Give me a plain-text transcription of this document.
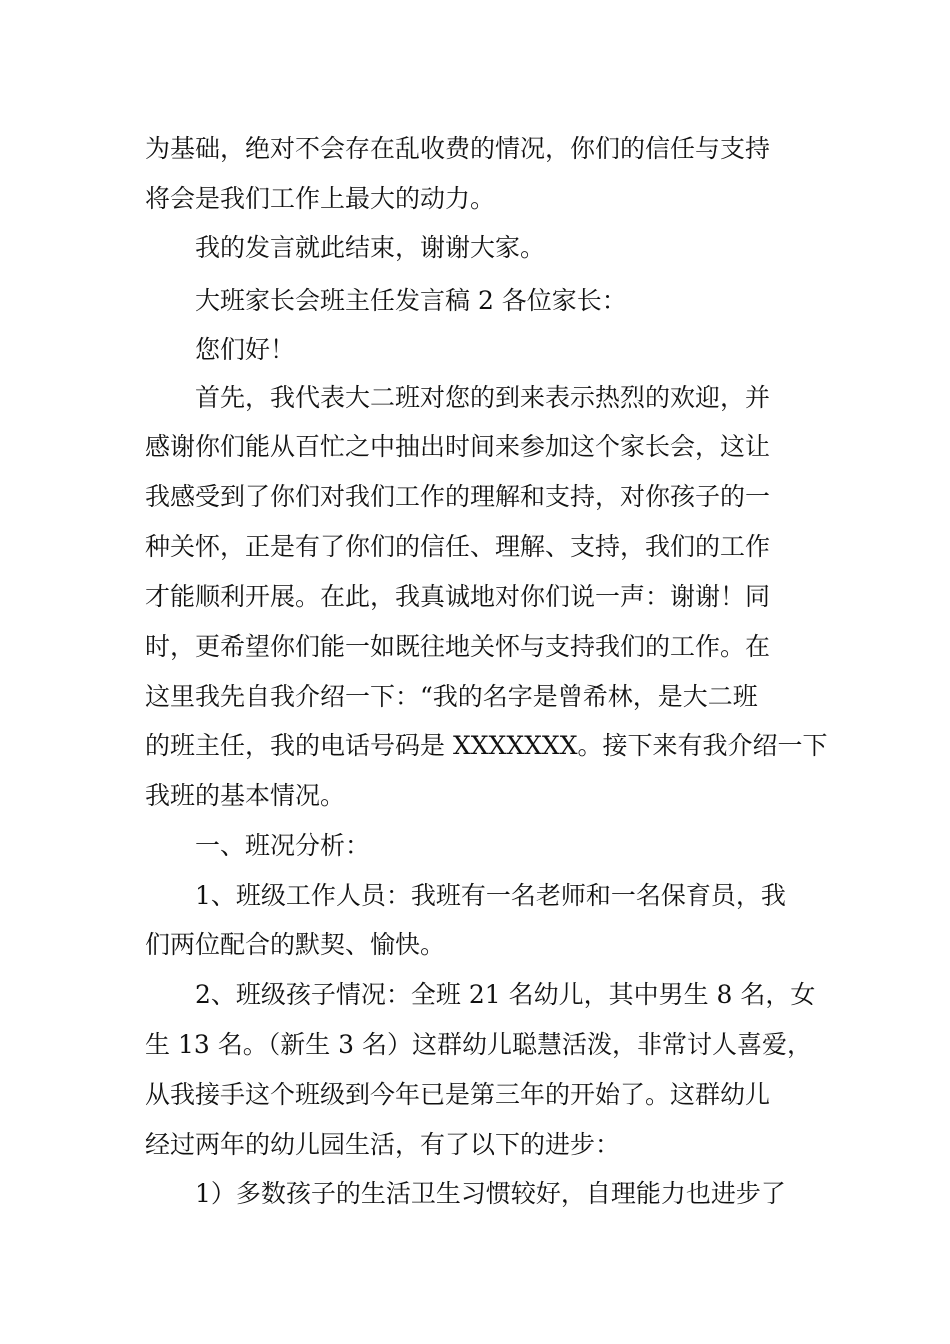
为基础，绝对不会存在乱收费的情况，你们的信任与支持
将会是我们工作上最大的动力。
我的发言就此结束，谢谢大家。
大班家长会班主任发言稿 2 各位家长：
您们好！
首先，我代表大二班对您的到来表示热烈的欢迎，并
感谢你们能从百忙之中抽出时间来参加这个家长会，这让
我感受到了你们对我们工作的理解和支持，对你孩子的一
种关怀，正是有了你们的信任、理解、支持，我们的工作
才能顺利开展。在此，我真诚地对你们说一声：谢谢！同
时，更希望你们能一如既往地关怀与支持我们的工作。在
这里我先自我介绍一下：“我的名字是曾希林，是大二班
的班主任，我的电话号码是 XXXXXXX。接下来有我介绍一下
我班的基本情况。
一、班况分析：
1、班级工作人员：我班有一名老师和一名保育员，我
们两位配合的默契、愉快。
2、班级孩子情况：全班 21 名幼儿，其中男生 8 名，女
生 13 名。（新生 3 名）这群幼儿聪慧活泼，非常讨人喜爱，
从我接手这个班级到今年已是第三年的开始了。这群幼儿
经过两年的幼儿园生活，有了以下的进步：
1）多数孩子的生活卫生习惯较好，自理能力也进步了
